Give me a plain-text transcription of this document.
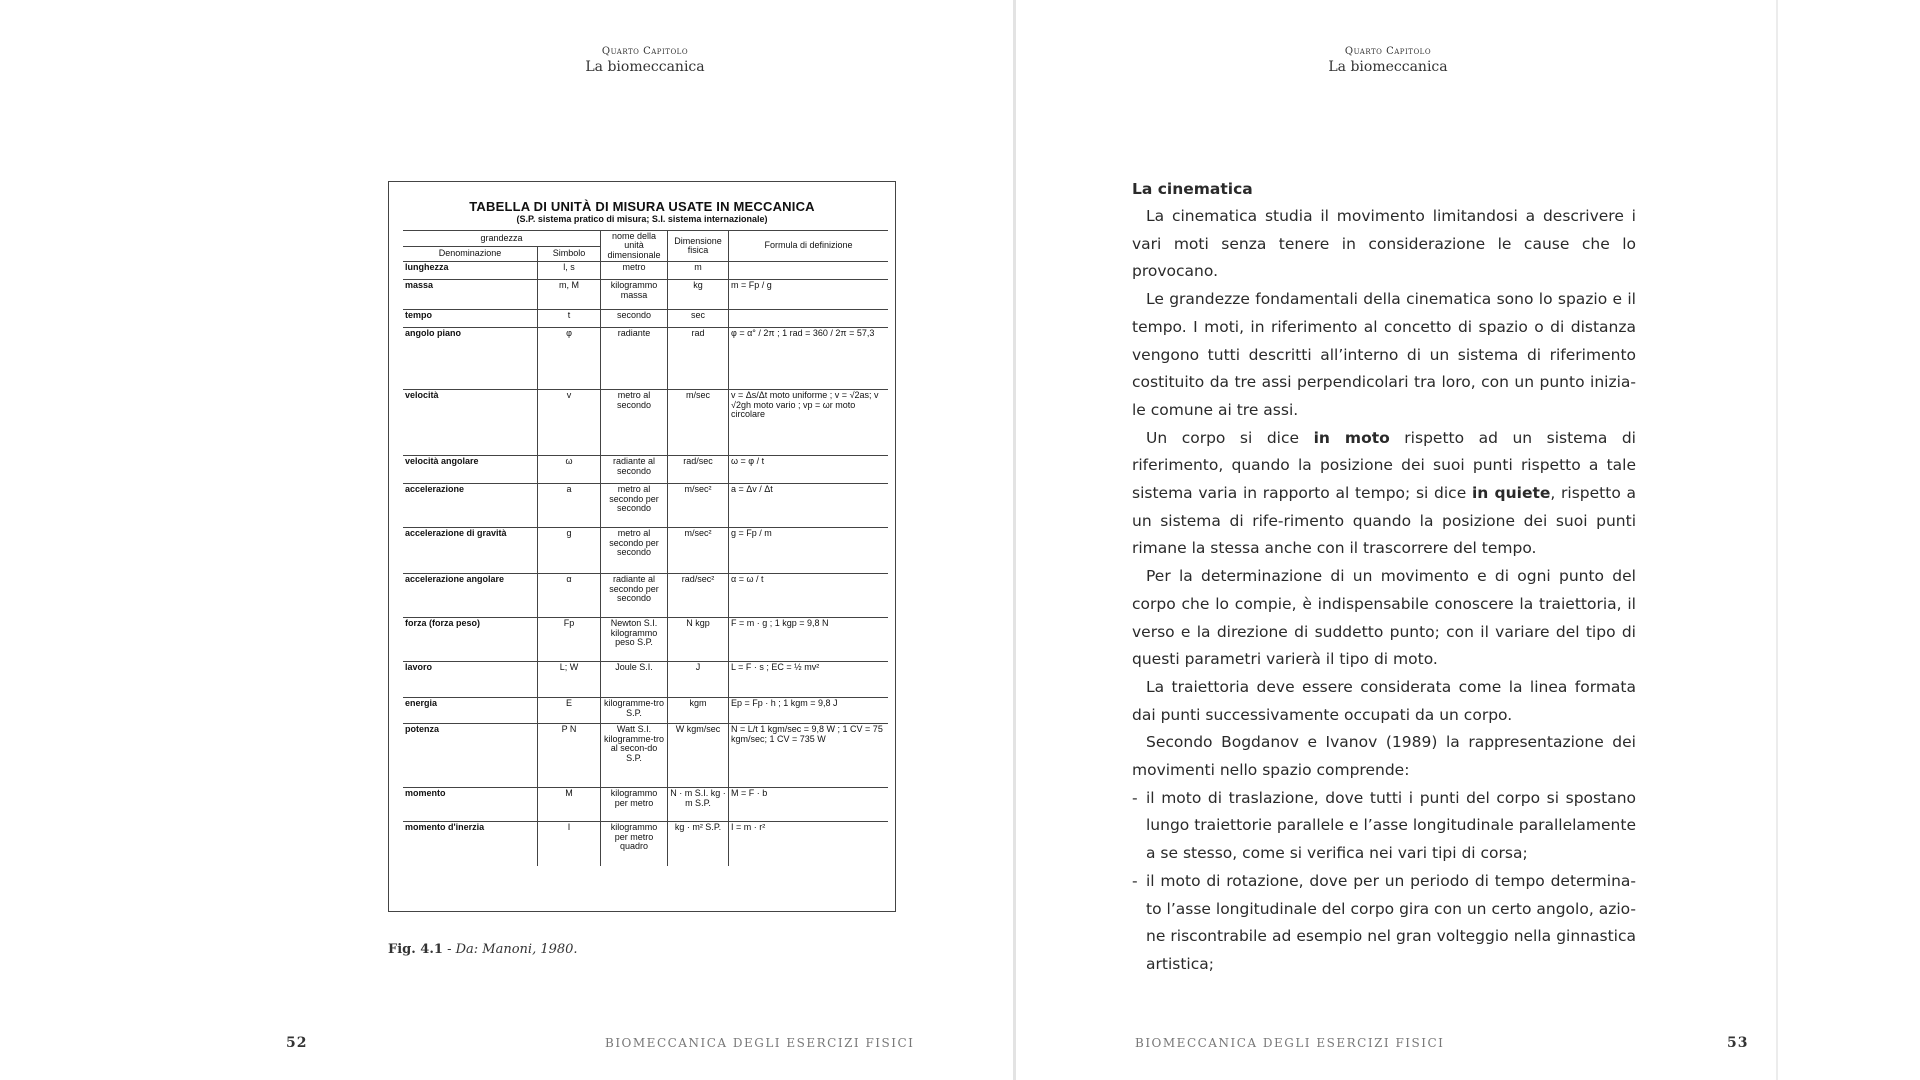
Quarto Capitolo
La biomeccanica
TABELLA DI UNITÀ DI MISURA USATE IN MECCANICA
(S.P. sistema pratico di misura; S.I. sistema internazionale)
grandezza		nome della unità dimensionale	Dimensione fisica	Formula di definizione
Denominazione	Simbolo			
lunghezza	l, s	metro	m	
massa	m, M	kilogrammo massa	kg	m = Fp / g
tempo	t	secondo	sec	
angolo piano	φ	radiante	rad	φ = α° / 2π ; 1 rad = 360 / 2π = 57,3
velocità	v	metro al secondo	m/sec	v = Δs/Δt moto uniforme ; v = √2as; v √2gh moto vario ; vp = ωr moto circolare
velocità angolare	ω	radiante al secondo	rad/sec	ω = φ / t
accelerazione	a	metro al secondo per secondo	m/sec²	a = Δv / Δt
accelerazione di gravità	g	metro al secondo per secondo	m/sec²	g = Fp / m
accelerazione angolare	α	radiante al secondo per secondo	rad/sec²	α = ω / t
forza (forza peso)	Fp	Newton S.I. kilogrammo peso S.P.	N kgp	F = m · g ; 1 kgp = 9,8 N
lavoro	L; W	Joule S.I.	J	L = F · s ; EC = ½ mv²
energia	E	kilogramme-tro S.P.	kgm	Ep = Fp · h ; 1 kgm = 9,8 J
potenza	P N	Watt S.I. kilogramme-tro al secon-do S.P.	W kgm/sec	N = L/t 1 kgm/sec = 9,8 W ; 1 CV = 75 kgm/sec; 1 CV = 735 W
momento	M	kilogrammo per metro	N · m S.I. kg · m S.P.	M = F · b
momento d'inerzia	I	kilogrammo per metro quadro	kg · m² S.P.	I = m · r²
Fig. 4.1 - Da: Manoni, 1980.
52	BIOMECCANICA DEGLI ESERCIZI FISICI
Quarto Capitolo
La biomeccanica
La cinematica

La cinematica studia il movimento limitandosi a descrivere i vari moti senza tenere in considerazione le cause che lo provocano.

Le grandezze fondamentali della cinematica sono lo spazio e il tempo. I moti, in riferimento al concetto di spazio o di distanza vengono tutti descritti all’interno di un sistema di riferimento costituito da tre assi perpendicolari tra loro, con un punto inizia-le comune ai tre assi.

Un corpo si dice in moto rispetto ad un sistema di riferimento, quando la posizione dei suoi punti rispetto a tale sistema varia in rapporto al tempo; si dice in quiete, rispetto a un sistema di rife-rimento quando la posizione dei suoi punti rimane la stessa anche con il trascorrere del tempo.

Per la determinazione di un movimento e di ogni punto del corpo che lo compie, è indispensabile conoscere la traiettoria, il verso e la direzione di suddetto punto; con il variare del tipo di questi parametri varierà il tipo di moto.

La traiettoria deve essere considerata come la linea formata dai punti successivamente occupati da un corpo.

Secondo Bogdanov e Ivanov (1989) la rappresentazione dei movimenti nello spazio comprende:

- il moto di traslazione, dove tutti i punti del corpo si spostano lungo traiettorie parallele e l’asse longitudinale parallelamente a se stesso, come si verifica nei vari tipi di corsa;

- il moto di rotazione, dove per un periodo di tempo determina-to l’asse longitudinale del corpo gira con un certo angolo, azio-ne riscontrabile ad esempio nel gran volteggio nella ginnastica artistica;

BIOMECCANICA DEGLI ESERCIZI FISICI	53
